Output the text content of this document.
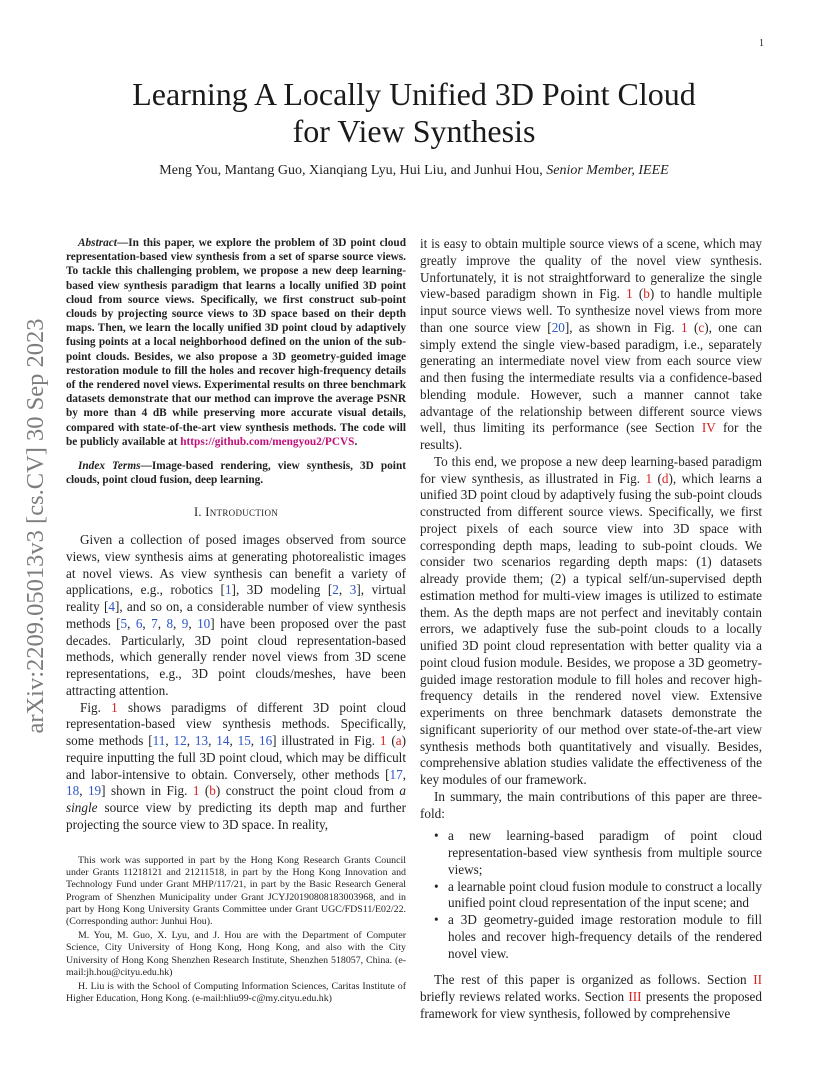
1
arXiv:2209.05013v3 [cs.CV] 30 Sep 2023
Learning A Locally Unified 3D Point Cloud
for View Synthesis
Meng You, Mantang Guo, Xianqiang Lyu, Hui Liu, and Junhui Hou, Senior Member, IEEE

Abstract—In this paper, we explore the problem of 3D point cloud representation-based view synthesis from a set of sparse source views. To tackle this challenging problem, we propose a new deep learning-based view synthesis paradigm that learns a locally unified 3D point cloud from source views. Specifically, we first construct sub-point clouds by projecting source views to 3D space based on their depth maps. Then, we learn the locally unified 3D point cloud by adaptively fusing points at a local neighborhood defined on the union of the sub-point clouds. Besides, we also propose a 3D geometry-guided image restoration module to fill the holes and recover high-frequency details of the rendered novel views. Experimental results on three benchmark datasets demonstrate that our method can improve the average PSNR by more than 4 dB while preserving more accurate visual details, compared with state-of-the-art view synthesis methods. The code will be publicly available at https://github.com/mengyou2/PCVS.

Index Terms—Image-based rendering, view synthesis, 3D point clouds, point cloud fusion, deep learning.

I. Introduction

Given a collection of posed images observed from source views, view synthesis aims at generating photorealistic images at novel views. As view synthesis can benefit a variety of applications, e.g., robotics [1], 3D modeling [2, 3], virtual reality [4], and so on, a considerable number of view synthesis methods [5, 6, 7, 8, 9, 10] have been proposed over the past decades. Particularly, 3D point cloud representation-based methods, which generally render novel views from 3D scene representations, e.g., 3D point clouds/meshes, have been attracting attention.

Fig. 1 shows paradigms of different 3D point cloud representation-based view synthesis methods. Specifically, some methods [11, 12, 13, 14, 15, 16] illustrated in Fig. 1 (a) require inputting the full 3D point cloud, which may be difficult and labor-intensive to obtain. Conversely, other methods [17, 18, 19] shown in Fig. 1 (b) construct the point cloud from a single source view by predicting its depth map and further projecting the source view to 3D space. In reality,

This work was supported in part by the Hong Kong Research Grants Council under Grants 11218121 and 21211518, in part by the Hong Kong Innovation and Technology Fund under Grant MHP/117/21, in part by the Basic Research General Program of Shenzhen Municipality under Grant JCYJ20190808183003968, and in part by Hong Kong University Grants Committee under Grant UGC/FDS11/E02/22. (Corresponding author: Junhui Hou).

M. You, M. Guo, X. Lyu, and J. Hou are with the Department of Computer Science, City University of Hong Kong, Hong Kong, and also with the City University of Hong Kong Shenzhen Research Institute, Shenzhen 518057, China. (e-mail:jh.hou@cityu.edu.hk)

H. Liu is with the School of Computing Information Sciences, Caritas Institute of Higher Education, Hong Kong. (e-mail:hliu99-c@my.cityu.edu.hk)

it is easy to obtain multiple source views of a scene, which may greatly improve the quality of the novel view synthesis. Unfortunately, it is not straightforward to generalize the single view-based paradigm shown in Fig. 1 (b) to handle multiple input source views well. To synthesize novel views from more than one source view [20], as shown in Fig. 1 (c), one can simply extend the single view-based paradigm, i.e., separately generating an intermediate novel view from each source view and then fusing the intermediate results via a confidence-based blending module. However, such a manner cannot take advantage of the relationship between different source views well, thus limiting its performance (see Section IV for the results).

To this end, we propose a new deep learning-based paradigm for view synthesis, as illustrated in Fig. 1 (d), which learns a unified 3D point cloud by adaptively fusing the sub-point clouds constructed from different source views. Specifically, we first project pixels of each source view into 3D space with corresponding depth maps, leading to sub-point clouds. We consider two scenarios regarding depth maps: (1) datasets already provide them; (2) a typical self/un-supervised depth estimation method for multi-view images is utilized to estimate them. As the depth maps are not perfect and inevitably contain errors, we adaptively fuse the sub-point clouds to a locally unified 3D point cloud representation with better quality via a point cloud fusion module. Besides, we propose a 3D geometry-guided image restoration module to fill holes and recover high-frequency details in the rendered novel view. Extensive experiments on three benchmark datasets demonstrate the significant superiority of our method over state-of-the-art view synthesis methods both quantitatively and visually. Besides, comprehensive ablation studies validate the effectiveness of the key modules of our framework.

In summary, the main contributions of this paper are three-fold:

• a new learning-based paradigm of point cloud representation-based view synthesis from multiple source views;
• a learnable point cloud fusion module to construct a locally unified point cloud representation of the input scene; and
• a 3D geometry-guided image restoration module to fill holes and recover high-frequency details of the rendered novel view.

The rest of this paper is organized as follows. Section II briefly reviews related works. Section III presents the proposed framework for view synthesis, followed by comprehensive
